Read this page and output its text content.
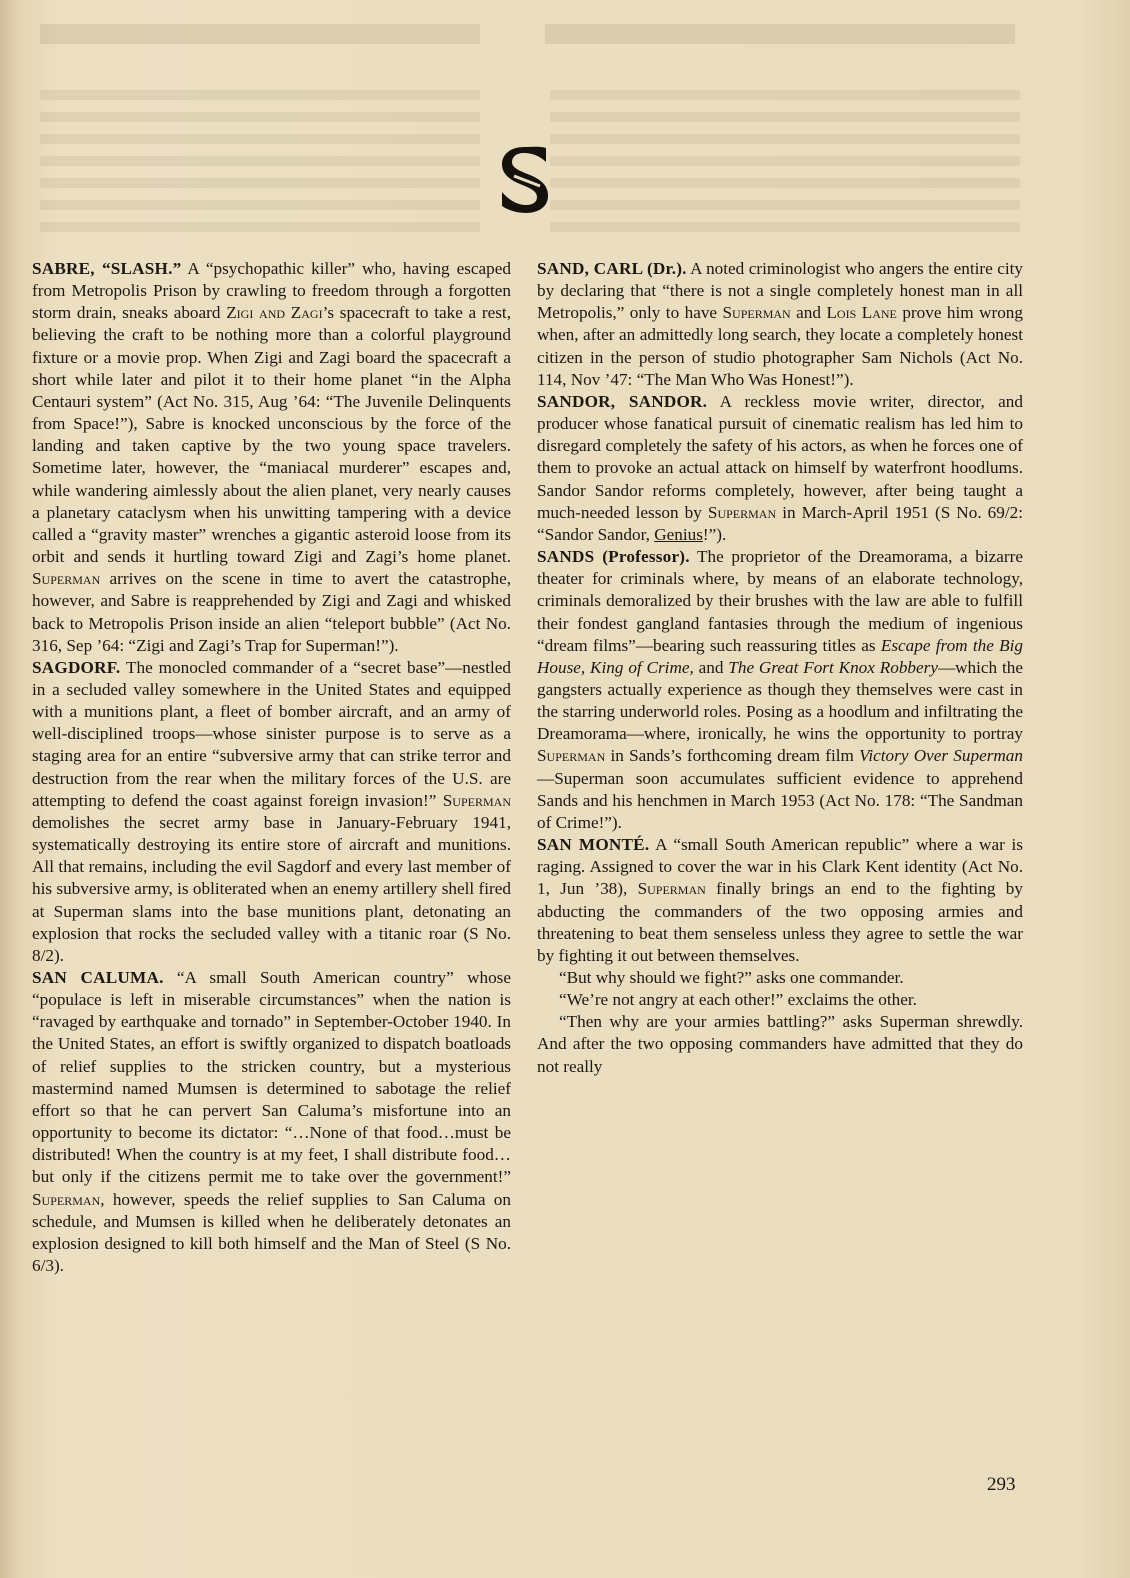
SABRE, “SLASH.” A “psychopathic killer” who, having escaped from Metropolis Prison by crawling to freedom through a forgotten storm drain, sneaks aboard Zigi and Zagi’s spacecraft to take a rest, believing the craft to be nothing more than a colorful playground fixture or a movie prop. When Zigi and Zagi board the spacecraft a short while later and pilot it to their home planet “in the Alpha Centauri system” (Act No. 315, Aug ’64: “The Juvenile Delinquents from Space!”), Sabre is knocked unconscious by the force of the landing and taken captive by the two young space travelers. Sometime later, however, the “maniacal murderer” escapes and, while wandering aimlessly about the alien planet, very nearly causes a planetary cataclysm when his unwitting tampering with a device called a “gravity master” wrenches a gigantic asteroid loose from its orbit and sends it hurtling toward Zigi and Zagi’s home planet. Superman arrives on the scene in time to avert the catastrophe, however, and Sabre is reapprehended by Zigi and Zagi and whisked back to Metropolis Prison inside an alien “teleport bubble” (Act No. 316, Sep ’64: “Zigi and Zagi’s Trap for Superman!”).

SAGDORF. The monocled commander of a “secret base”—nestled in a secluded valley somewhere in the United States and equipped with a munitions plant, a fleet of bomber aircraft, and an army of well-disciplined troops—whose sinister purpose is to serve as a staging area for an entire “subversive army that can strike terror and destruction from the rear when the military forces of the U.S. are attempting to defend the coast against foreign invasion!” Superman demolishes the secret army base in January-February 1941, systematically destroying its entire store of aircraft and munitions. All that remains, including the evil Sagdorf and every last member of his subversive army, is obliterated when an enemy artillery shell fired at Superman slams into the base munitions plant, detonating an explosion that rocks the secluded valley with a titanic roar (S No. 8/2).

SAN CALUMA. “A small South American country” whose “populace is left in miserable circumstances” when the nation is “ravaged by earthquake and tornado” in September-October 1940. In the United States, an effort is swiftly organized to dispatch boatloads of relief supplies to the stricken country, but a mysterious mastermind named Mumsen is determined to sabotage the relief effort so that he can pervert San Caluma’s misfortune into an opportunity to become its dictator: “…None of that food…must be distributed! When the country is at my feet, I shall distribute food…but only if the citizens permit me to take over the government!” Superman, however, speeds the relief supplies to San Caluma on schedule, and Mumsen is killed when he deliberately detonates an explosion designed to kill both himself and the Man of Steel (S No. 6/3).

SAND, CARL (Dr.). A noted criminologist who angers the entire city by declaring that “there is not a single completely honest man in all Metropolis,” only to have Superman and Lois Lane prove him wrong when, after an admittedly long search, they locate a completely honest citizen in the person of studio photographer Sam Nichols (Act No. 114, Nov ’47: “The Man Who Was Honest!”).

SANDOR, SANDOR. A reckless movie writer, director, and producer whose fanatical pursuit of cinematic realism has led him to disregard completely the safety of his actors, as when he forces one of them to provoke an actual attack on himself by waterfront hoodlums. Sandor Sandor reforms completely, however, after being taught a much-needed lesson by Superman in March-April 1951 (S No. 69/2: “Sandor Sandor, Genius!”).

SANDS (Professor). The proprietor of the Dreamorama, a bizarre theater for criminals where, by means of an elaborate technology, criminals demoralized by their brushes with the law are able to fulfill their fondest gangland fantasies through the medium of ingenious “dream films”—bearing such reassuring titles as Escape from the Big House, King of Crime, and The Great Fort Knox Robbery—which the gangsters actually experience as though they themselves were cast in the starring underworld roles. Posing as a hoodlum and infiltrating the Dreamorama—where, ironically, he wins the opportunity to portray Superman in Sands’s forthcoming dream film Victory Over Superman—Superman soon accumulates sufficient evidence to apprehend Sands and his henchmen in March 1953 (Act No. 178: “The Sandman of Crime!”).

SAN MONTÉ. A “small South American republic” where a war is raging. Assigned to cover the war in his Clark Kent identity (Act No. 1, Jun ’38), Superman finally brings an end to the fighting by abducting the commanders of the two opposing armies and threatening to beat them senseless unless they agree to settle the war by fighting it out between themselves.

“But why should we fight?” asks one commander.

“We’re not angry at each other!” exclaims the other.

“Then why are your armies battling?” asks Superman shrewdly. And after the two opposing commanders have admitted that they do not really

293
